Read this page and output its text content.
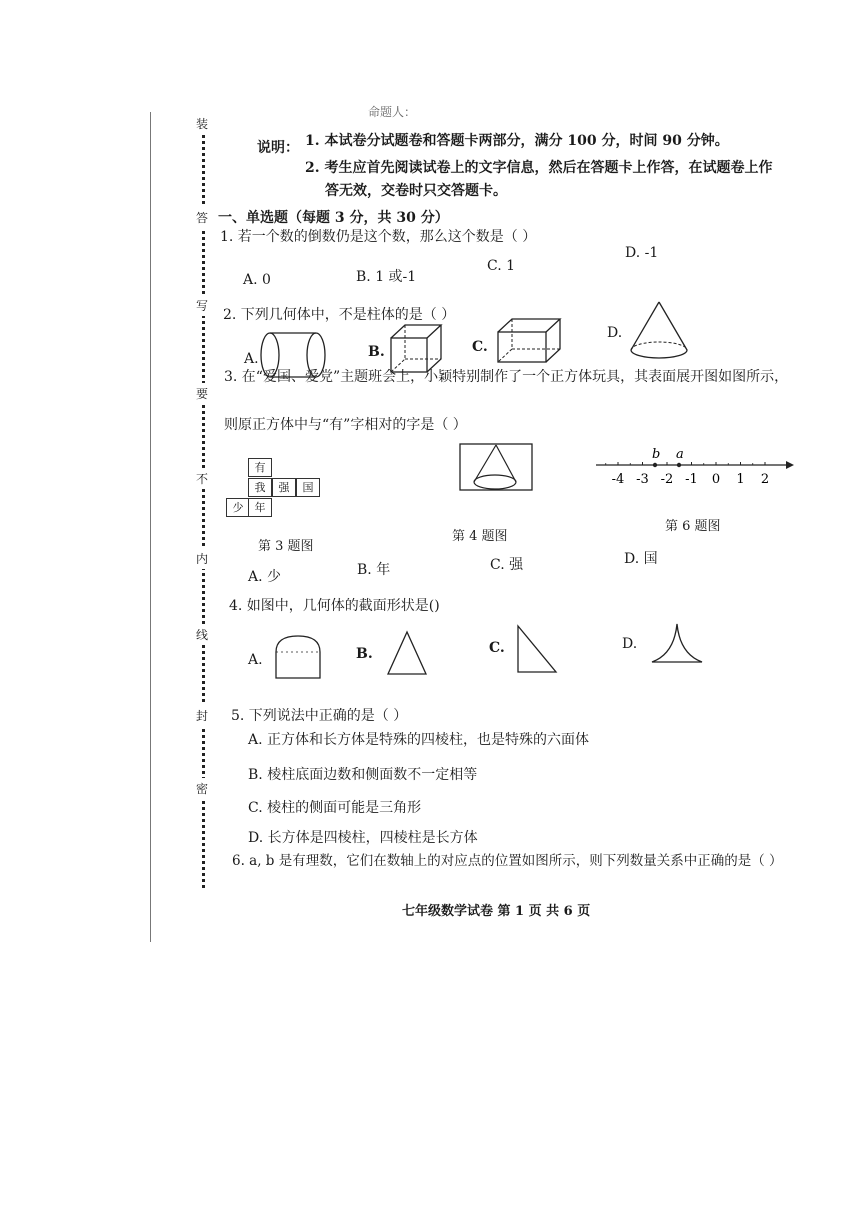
装
答
写
要
不
内
线
封
密
命题人：
说明： 1. 本试卷分试题卷和答题卡两部分，满分 100 分，时间 90 分钟。
2. 考生应首先阅读试卷上的文字信息，然后在答题卡上作答，在试题卷上作
答无效，交卷时只交答题卡。
一、单选题（每题 3 分，共 30 分）
1. 若一个数的倒数仍是这个数，那么这个数是（ ）
A. 0	B. 1 或-1
C. 1
D. -1
2. 下列几何体中，不是柱体的是（ ）
A.	B.	C.
D.
3. 在“爱国、爱党”主题班会上，小颖特别制作了一个正方体玩具，其表面展开图如图所示，
则原正方体中与“有”字相对的字是（ ）
有
我	强	国
少	年
第 3 题图
第 4 题图
-4 -3 -2 -1 0 1 2
b a
第 6 题图
A. 少	B. 年	C. 强	D. 国
4. 如图中，几何体的截面形状是()
A.	B.	C.	D.
5. 下列说法中正确的是（ ）
A. 正方体和长方体是特殊的四棱柱，也是特殊的六面体
B. 棱柱底面边数和侧面数不一定相等
C. 棱柱的侧面可能是三角形
D. 长方体是四棱柱，四棱柱是长方体
6. a, b 是有理数，它们在数轴上的对应点的位置如图所示，则下列数量关系中正确的是（ ）
七年级数学试卷 第 1 页 共 6 页
